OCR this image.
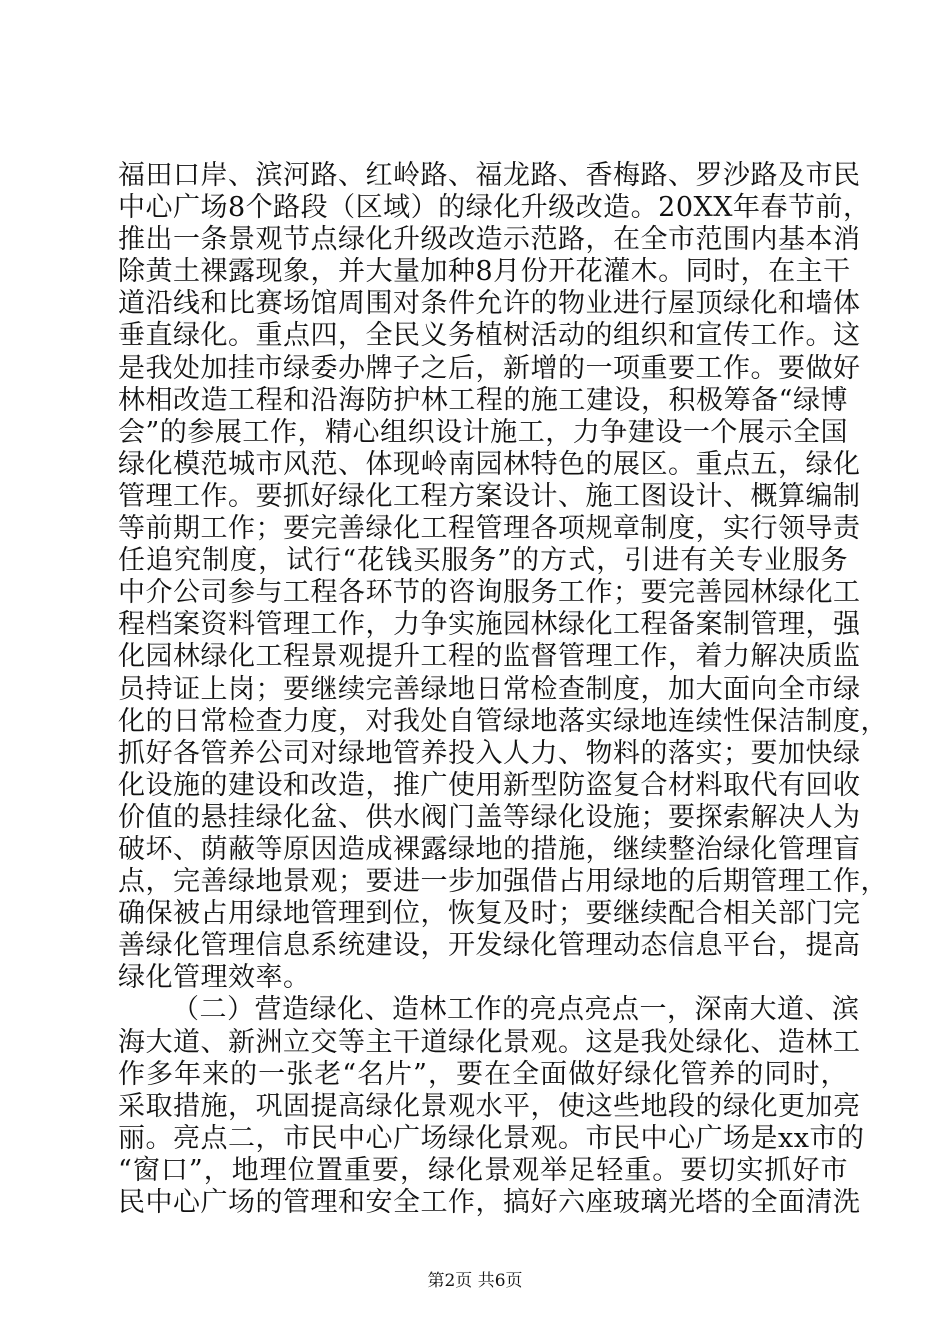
福田口岸、滨河路、红岭路、福龙路、香梅路、罗沙路及市民
中心广场8个路段（区域）的绿化升级改造。20XX年春节前，
推出一条景观节点绿化升级改造示范路，在全市范围内基本消
除黄土裸露现象，并大量加种8月份开花灌木。同时，在主干
道沿线和比赛场馆周围对条件允许的物业进行屋顶绿化和墙体
垂直绿化。重点四，全民义务植树活动的组织和宣传工作。这
是我处加挂市绿委办牌子之后，新增的一项重要工作。要做好
林相改造工程和沿海防护林工程的施工建设，积极筹备“绿博
会”的参展工作，精心组织设计施工，力争建设一个展示全国
绿化模范城市风范、体现岭南园林特色的展区。重点五，绿化
管理工作。要抓好绿化工程方案设计、施工图设计、概算编制
等前期工作；要完善绿化工程管理各项规章制度，实行领导责
任追究制度，试行“花钱买服务”的方式，引进有关专业服务
中介公司参与工程各环节的咨询服务工作；要完善园林绿化工
程档案资料管理工作，力争实施园林绿化工程备案制管理，强
化园林绿化工程景观提升工程的监督管理工作，着力解决质监
员持证上岗；要继续完善绿地日常检查制度，加大面向全市绿
化的日常检查力度，对我处自管绿地落实绿地连续性保洁制度，
抓好各管养公司对绿地管养投入人力、物料的落实；要加快绿
化设施的建设和改造，推广使用新型防盗复合材料取代有回收
价值的悬挂绿化盆、供水阀门盖等绿化设施；要探索解决人为
破坏、荫蔽等原因造成裸露绿地的措施，继续整治绿化管理盲
点，完善绿地景观；要进一步加强借占用绿地的后期管理工作，
确保被占用绿地管理到位，恢复及时；要继续配合相关部门完
善绿化管理信息系统建设，开发绿化管理动态信息平台，提高
绿化管理效率。
（二）营造绿化、造林工作的亮点亮点一，深南大道、滨
海大道、新洲立交等主干道绿化景观。这是我处绿化、造林工
作多年来的一张老“名片”，要在全面做好绿化管养的同时，
采取措施，巩固提高绿化景观水平，使这些地段的绿化更加亮
丽。亮点二，市民中心广场绿化景观。市民中心广场是xx市的
“窗口”，地理位置重要，绿化景观举足轻重。要切实抓好市
民中心广场的管理和安全工作，搞好六座玻璃光塔的全面清洗
第2页 共6页
